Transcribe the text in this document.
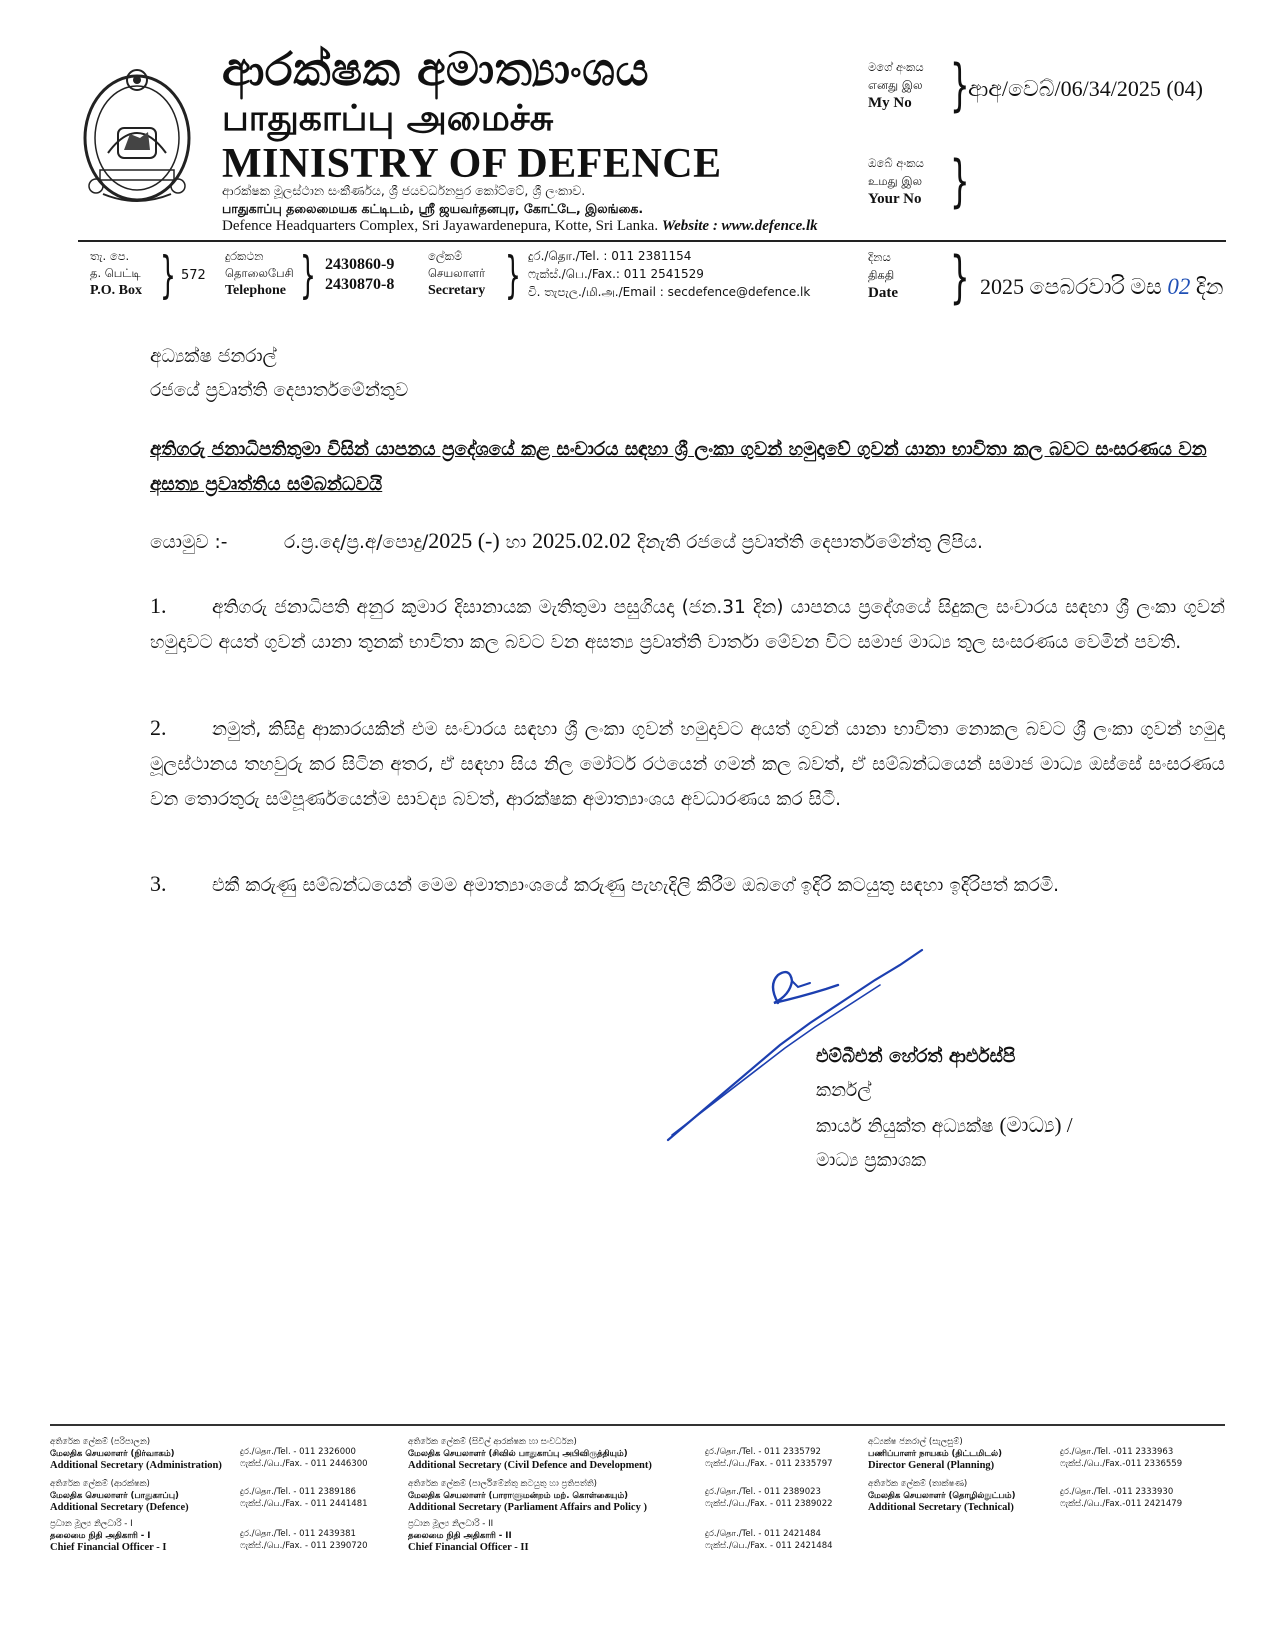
ආරක්ෂක අමාත්‍යාංශය
பாதுகாப்பு அமைச்சு
MINISTRY OF DEFENCE
ආරක්ෂක මූලස්ථාන සංකීර්ණය, ශ්‍රී ජයවර්ධනපුර කෝට්ටේ, ශ්‍රී ලංකාව.
பாதுகாப்பு தலைமையக கட்டிடம், ஸ்ரீ ஜயவர்தனபுர, கோட்டே, இலங்கை.
Defence Headquarters Complex, Sri Jayawardenepura, Kotte, Sri Lanka. Website : www.defence.lk
මගේ අංකය
எனது இல
My No }
ආඅ/වෙබ්/06/34/2025 (04)
ඔබේ අංකය
உமது இல
Your No }
තැ. පෙ.
த. பெட்டி
P.O. Box } 572
දුරකථන
தொலைபேசி
Telephone } 2430860-9
2430870-8
ලේකම්
செயலாளர்
Secretary } දුර./தொ./Tel. : 011 2381154
ෆැක්ස්./பெ./Fax.: 011 2541529
වි. තැපැල./மி.அ./Email : secdefence@defence.lk
දිනය
திகதி
Date } 2025 පෙබරවාරි මස 02 දින
අධ්‍යක්ෂ ජනරාල්
රජයේ ප්‍රවෘත්ති දෙපාර්තමේන්තුව
අතිගරු ජනාධිපතිතුමා විසින් යාපනය ප්‍රදේශයේ කළ සංචාරය සඳහා ශ්‍රී ලංකා ගුවන් හමුදාවේ ගුවන් යානා භාවිතා කල බවට සංසරණය වන අසත්‍ය ප්‍රවෘත්තිය සම්බන්ධවයි
යොමුව :-	ර.ප්‍ර.දෙ/ප්‍ර.අ/පොදු/2025 (-) හා 2025.02.02 දිනැති රජයේ ප්‍රවෘත්ති දෙපාර්තමේන්තු ලිපිය.
1. අතිගරු ජනාධිපති අනුර කුමාර දිසානායක මැතිතුමා පසුගියදා (ජන.31 දින) යාපනය ප්‍රදේශයේ සිදුකල සංචාරය සඳහා ශ්‍රී ලංකා ගුවන් හමුදාවට අයත් ගුවන් යානා තුනක් භාවිතා කල බවට වන අසත්‍ය ප්‍රවෘත්ති වාර්තා මේවන විට සමාජ මාධ්‍ය තුල සංසරණය වෙමින් පවති.
2. නමුත්, කිසිදු ආකාරයකින් එම සංචාරය සඳහා ශ්‍රී ලංකා ගුවන් හමුදාවට අයත් ගුවන් යානා භාවිතා නොකල බවට ශ්‍රී ලංකා ගුවන් හමුදා මූලස්ථානය තහවුරු කර සිටින අතර, ඒ සඳහා සිය නිල මෝටර් රථයෙන් ගමන් කල බවත්, ඒ සම්බන්ධයෙන් සමාජ මාධ්‍ය ඔස්සේ සංසරණය වන තොරතුරු සම්පූර්ණයෙන්ම සාවද්‍ය බවත්, ආරක්ෂක අමාත්‍යාංශය අවධාරණය කර සිටී.
3. එකී කරුණු සම්බන්ධයෙන් මෙම අමාත්‍යාංශයේ කරුණු පැහැදිලි කිරීම ඔබගේ ඉදිරි කටයුතු සඳහා ඉදිරිපත් කරමි.
එම්බීඑන් හේරත් ආර්එස්පි
කර්නල්
කාර්ය නියුක්ත අධ්‍යක්ෂ (මාධ්‍ය) /
මාධ්‍ය ප්‍රකාශක
අතිරේක ලේකම් (පරිපාලන)
மேலதிக செயலாளர் (நிர்வாகம்)
Additional Secretary (Administration)
දුර./தொ./Tel. - 011 2326000
ෆැක්ස්./பெ./Fax. - 011 2446300
අතිරේක ලේකම් (ආරක්ෂක)
மேலதிக செயலாளர் (பாதுகாப்பு)
Additional Secretary (Defence)
දුර./தொ./Tel. - 011 2389186
ෆැක්ස්./பெ./Fax. - 011 2441481
ප්‍රධාන මූල්‍ය නිලධාරි - I
தலைமை நிதி அதிகாரி - I
Chief Financial Officer - I
දුර./தொ./Tel. - 011 2439381
ෆැක්ස්./பெ./Fax. - 011 2390720
අතිරේක ලේකම් (සිවිල් ආරක්ෂක හා සංවර්ධන)
மேலதிக செயலாளர் (சிவில் பாதுகாப்பு அபிவிருத்தியும்)
Additional Secretary (Civil Defence and Development)
දුර./தொ./Tel. - 011 2335792
ෆැක්ස්./பெ./Fax. - 011 2335797
අතිරේක ලේකම් (පාර්ලිමේන්තු කටයුතු හා ප්‍රතිපත්ති)
மேலதிக செயலாளர் (பாராளுமன்றம் மற். கொள்கையும்)
Additional Secretary (Parliament Affairs and Policy )
දුර./தொ./Tel. - 011 2389023
ෆැක්ස්./பெ./Fax. - 011 2389022
ප්‍රධාන මූල්‍ය නිලධාරි - II
தலைமை நிதி அதிகாரி - II
Chief Financial Officer - II
දුර./தொ./Tel. - 011 2421484
ෆැක්ස්./பெ./Fax. - 011 2421484
අධ්‍යක්ෂ ජනරාල් (සැලසුම්)
பணிப்பாளர் நாயகம் (திட்டமிடல்)
Director General (Planning)
දුර./தொ./Tel. -011 2333963
ෆැක්ස්./பெ./Fax.-011 2336559
අතිරේක ලේකම් (තාක්ෂණ)
மேலதிக செயலாளர் (தொழில்நுட்பம்)
Additional Secretary (Technical)
දුර./தொ./Tel. -011 2333930
ෆැක්ස්./பெ./Fax.-011 2421479
